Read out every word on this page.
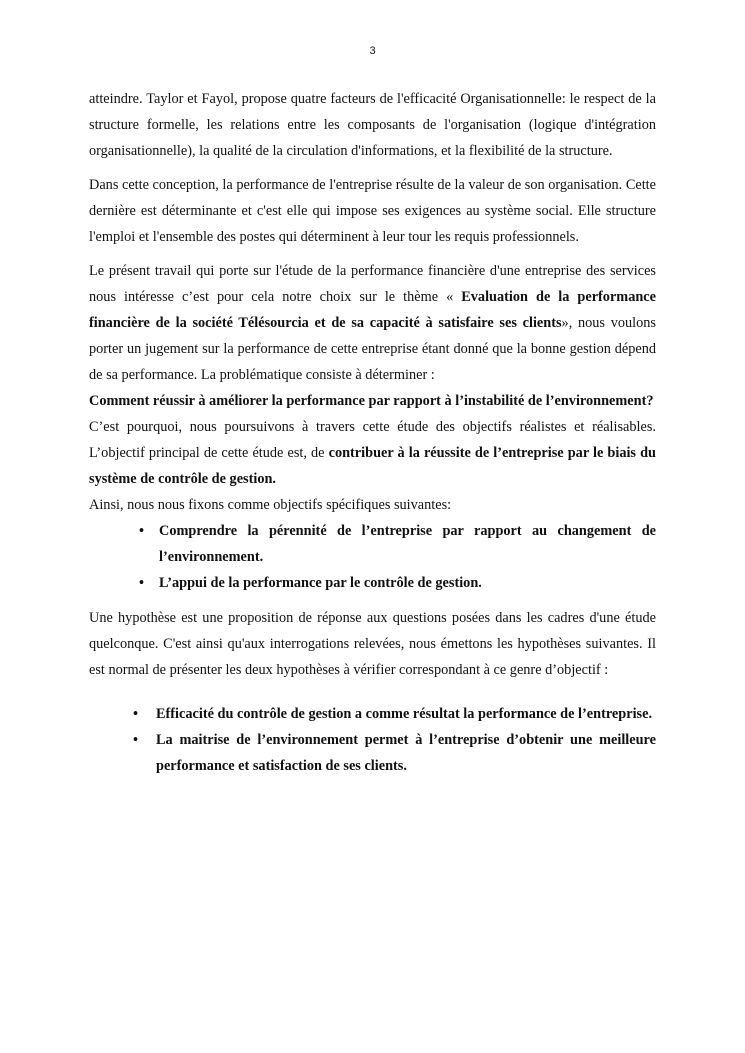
3

atteindre. Taylor et Fayol, propose quatre facteurs de l'efficacité Organisationnelle: le respect de la structure formelle, les relations entre les composants de l'organisation (logique d'intégration organisationnelle), la qualité de la circulation d'informations, et la flexibilité de la structure.

Dans cette conception, la performance de l'entreprise résulte de la valeur de son organisation. Cette dernière est déterminante et c'est elle qui impose ses exigences au système social. Elle structure l'emploi et l'ensemble des postes qui déterminent à leur tour les requis professionnels.

Le présent travail qui porte sur l'étude de la performance financière d'une entreprise des services nous intéresse c’est pour cela notre choix sur le thème « Evaluation de la performance financière de la société Télésourcia et de sa capacité à satisfaire ses clients», nous voulons porter un jugement sur la performance de cette entreprise étant donné que la bonne gestion dépend de sa performance. La problématique consiste à déterminer :

Comment réussir à améliorer la performance par rapport à l’instabilité de l’environnement?

C’est pourquoi, nous poursuivons à travers cette étude des objectifs réalistes et réalisables. L’objectif principal de cette étude est, de contribuer à la réussite de l’entreprise par le biais du système de contrôle de gestion.

Ainsi, nous nous fixons comme objectifs spécifiques suivantes:

• Comprendre la pérennité de l’entreprise par rapport au changement de l’environnement.
• L’appui de la performance par le contrôle de gestion.

Une hypothèse est une proposition de réponse aux questions posées dans les cadres d'une étude quelconque. C'est ainsi qu'aux interrogations relevées, nous émettons les hypothèses suivantes. Il est normal de présenter les deux hypothèses à vérifier correspondant à ce genre d’objectif :

• Efficacité du contrôle de gestion a comme résultat la performance de l’entreprise.
• La maitrise de l’environnement permet à l’entreprise d’obtenir une meilleure performance et satisfaction de ses clients.
